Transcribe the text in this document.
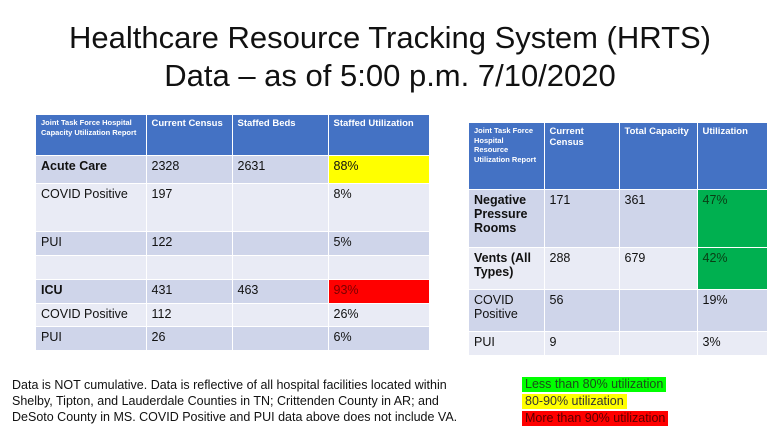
Healthcare Resource Tracking System (HRTS)
Data – as of 5:00 p.m. 7/10/2020
Joint Task Force Hospital Capacity Utilization Report	Current Census	Staffed Beds	Staffed Utilization
Acute Care	2328	2631	88%
COVID Positive	197		8%
PUI	122		5%

ICU	431	463	93%
COVID Positive	112		26%
PUI	26		6%
Joint Task Force Hospital Resource Utilization Report	Current Census	Total Capacity	Utilization
Negative Pressure Rooms	171	361	47%
Vents (All Types)	288	679	42%
COVID Positive	56		19%
PUI	9		3%
Data is NOT cumulative. Data is reflective of all hospital facilities located within
Shelby, Tipton, and Lauderdale Counties in TN; Crittenden County in AR; and
DeSoto County in MS. COVID Positive and PUI data above does not include VA.
Less than 80% utilization
80-90% utilization
More than 90% utilization
